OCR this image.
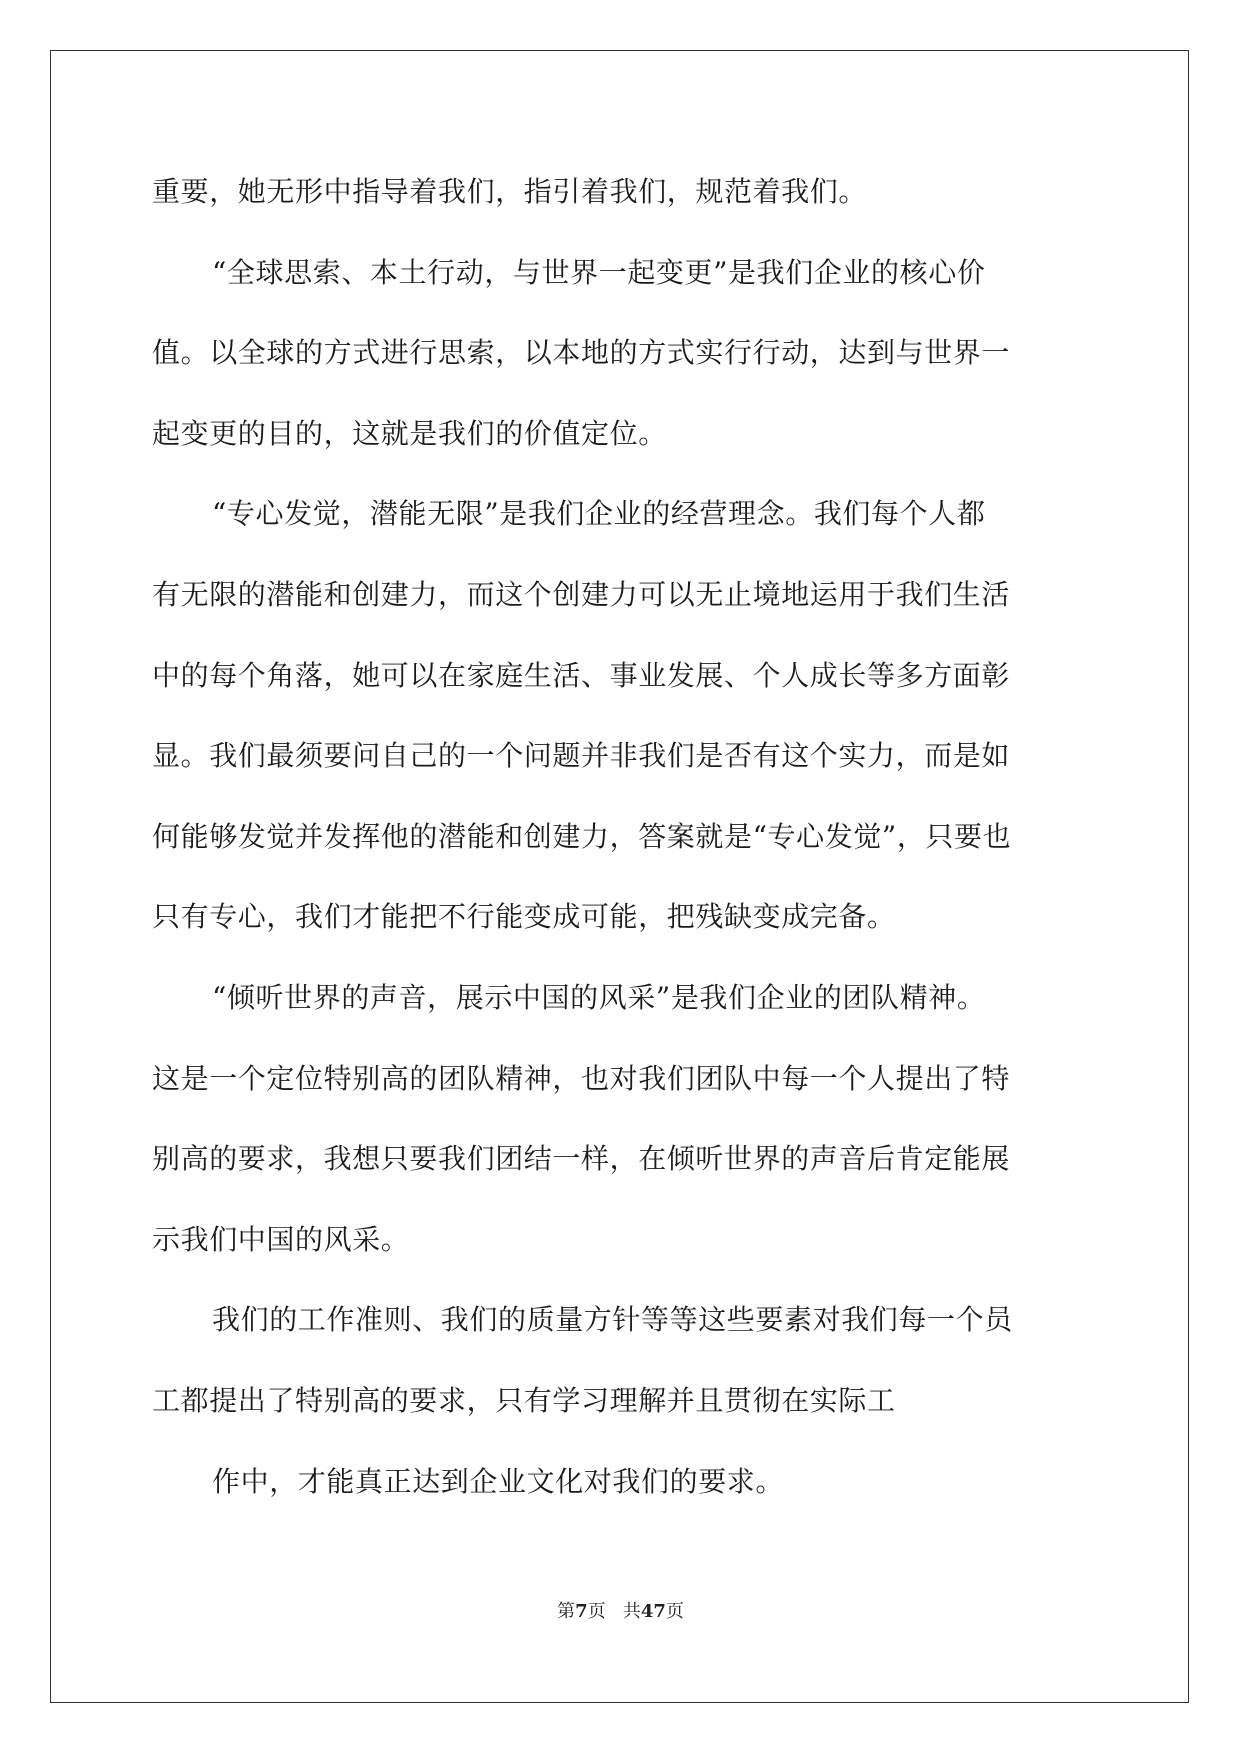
重要，她无形中指导着我们，指引着我们，规范着我们。
“全球思索、本土行动，与世界一起变更”是我们企业的核心价
值。以全球的方式进行思索，以本地的方式实行行动，达到与世界一
起变更的目的，这就是我们的价值定位。
“专心发觉，潜能无限”是我们企业的经营理念。我们每个人都
有无限的潜能和创建力，而这个创建力可以无止境地运用于我们生活
中的每个角落，她可以在家庭生活、事业发展、个人成长等多方面彰
显。我们最须要问自己的一个问题并非我们是否有这个实力，而是如
何能够发觉并发挥他的潜能和创建力，答案就是“专心发觉”，只要也
只有专心，我们才能把不行能变成可能，把残缺变成完备。
“倾听世界的声音，展示中国的风采”是我们企业的团队精神。
这是一个定位特别高的团队精神，也对我们团队中每一个人提出了特
别高的要求，我想只要我们团结一样，在倾听世界的声音后肯定能展
示我们中国的风采。
我们的工作准则、我们的质量方针等等这些要素对我们每一个员
工都提出了特别高的要求，只有学习理解并且贯彻在实际工
作中，才能真正达到企业文化对我们的要求。
第7页 共47页
